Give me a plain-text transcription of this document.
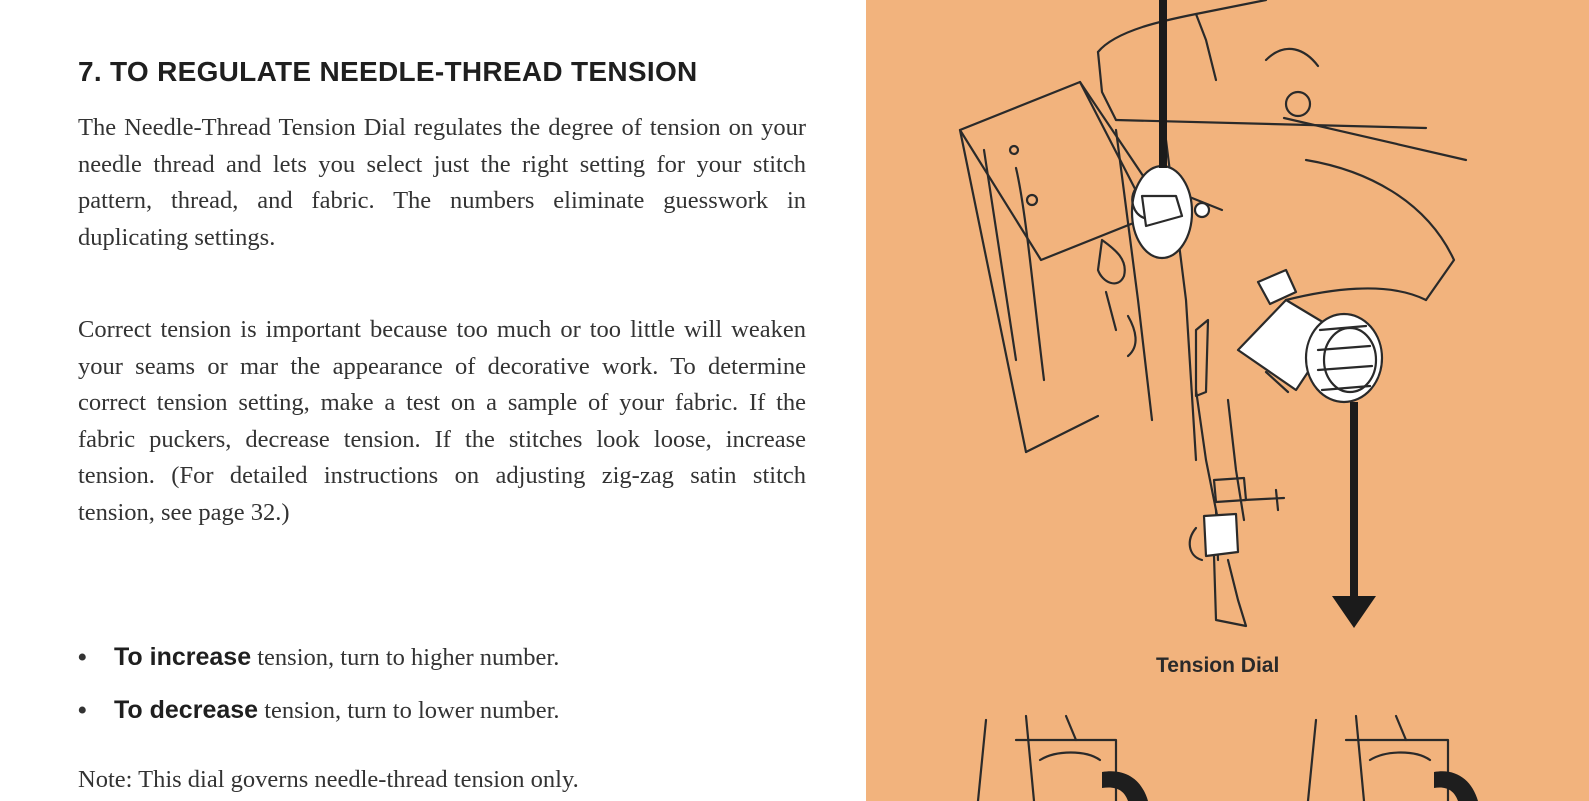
7. TO REGULATE NEEDLE-THREAD TENSION

The Needle-Thread Tension Dial regulates the degree of tension on your needle thread and lets you select just the right setting for your stitch pattern, thread, and fabric. The numbers eliminate guesswork in duplicating settings.

Correct tension is important because too much or too little will weaken your seams or mar the appearance of decorative work. To determine correct tension setting, make a test on a sample of your fabric. If the fabric puckers, decrease tension. If the stitches look loose, increase tension. (For detailed instructions on adjusting zig-zag satin stitch tension, see page 32.)

• To increase tension, turn to higher number.

• To decrease tension, turn to lower number.

Note: This dial governs needle-thread tension only.

Tension Dial
